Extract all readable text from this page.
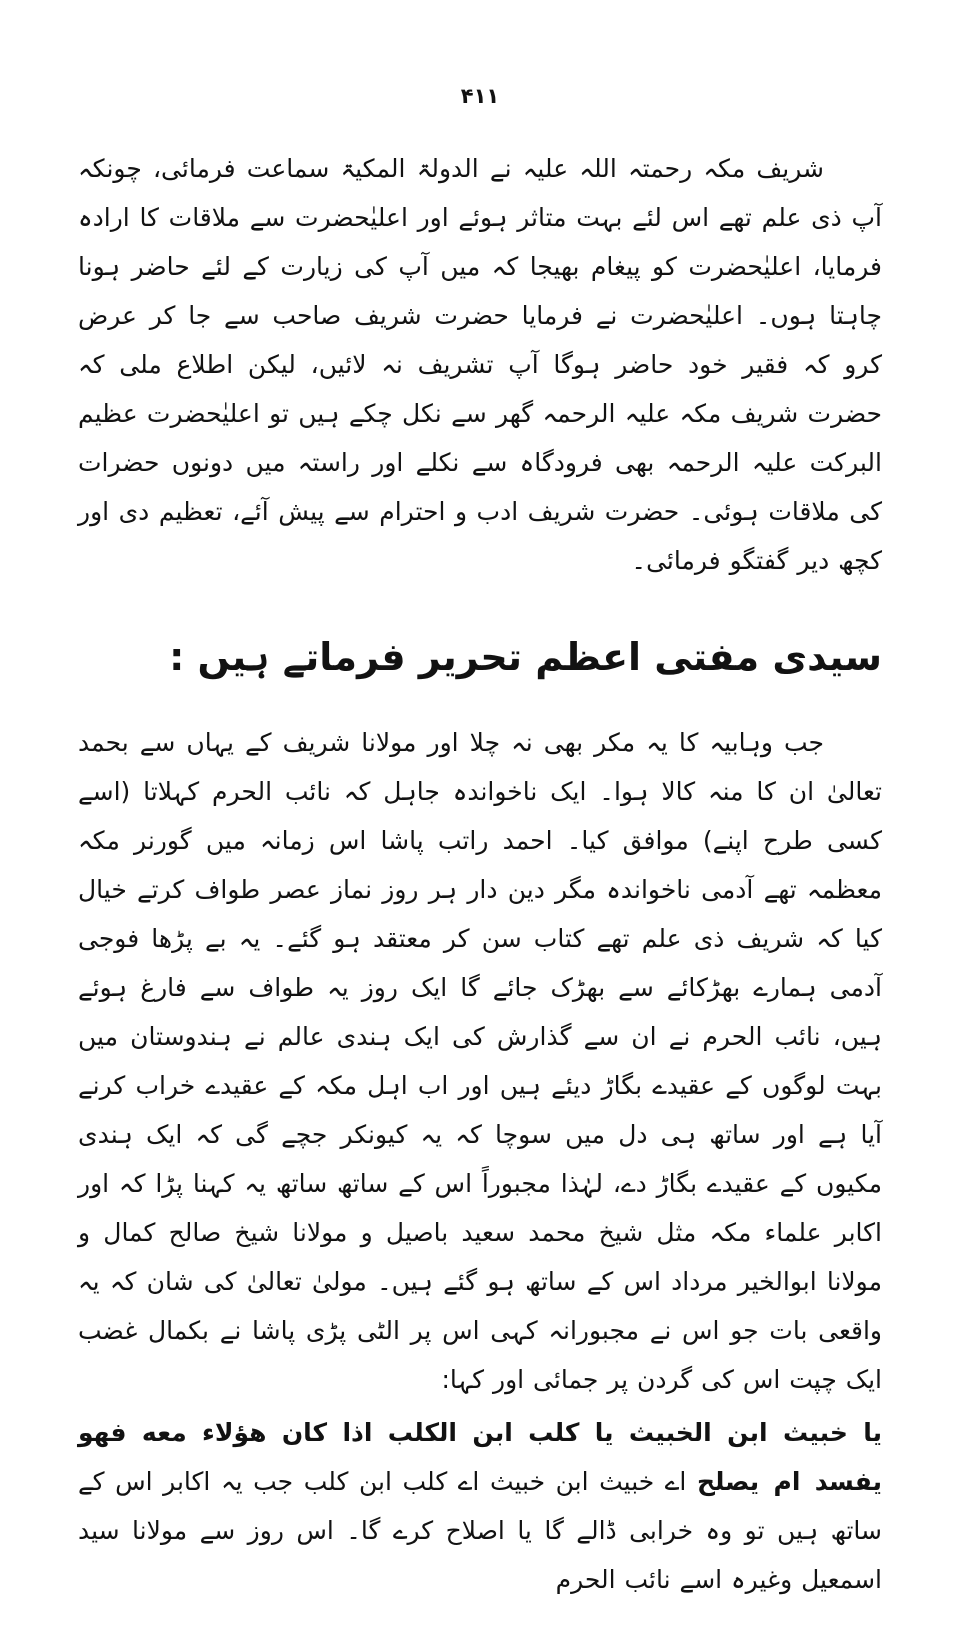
۴۱۱

شریف مکہ رحمتہ اللہ علیہ نے الدولۃ المکیۃ سماعت فرمائی، چونکہ آپ ذی علم تھے اس لئے بہت متاثر ہوئے اور اعلیٰحضرت سے ملاقات کا ارادہ فرمایا، اعلیٰحضرت کو پیغام بھیجا کہ میں آپ کی زیارت کے لئے حاضر ہونا چاہتا ہوں۔ اعلیٰحضرت نے فرمایا حضرت شریف صاحب سے جا کر عرض کرو کہ فقیر خود حاضر ہوگا آپ تشریف نہ لائیں، لیکن اطلاع ملی کہ حضرت شریف مکہ علیہ الرحمہ گھر سے نکل چکے ہیں تو اعلیٰحضرت عظیم البرکت علیہ الرحمہ بھی فرودگاہ سے نکلے اور راستہ میں دونوں حضرات کی ملاقات ہوئی۔ حضرت شریف ادب و احترام سے پیش آئے، تعظیم دی اور کچھ دیر گفتگو فرمائی۔

سیدی مفتی اعظم تحریر فرماتے ہیں :

جب وہابیہ کا یہ مکر بھی نہ چلا اور مولانا شریف کے یہاں سے بحمد تعالیٰ ان کا منہ کالا ہوا۔ ایک ناخواندہ جاہل کہ نائب الحرم کہلاتا (اسے کسی طرح اپنے) موافق کیا۔ احمد راتب پاشا اس زمانہ میں گورنر مکہ معظمہ تھے آدمی ناخواندہ مگر دین دار ہر روز نماز عصر طواف کرتے خیال کیا کہ شریف ذی علم تھے کتاب سن کر معتقد ہو گئے۔ یہ بے پڑھا فوجی آدمی ہمارے بھڑکائے سے بھڑک جائے گا ایک روز یہ طواف سے فارغ ہوئے ہیں، نائب الحرم نے ان سے گذارش کی ایک ہندی عالم نے ہندوستان میں بہت لوگوں کے عقیدے بگاڑ دیئے ہیں اور اب اہل مکہ کے عقیدے خراب کرنے آیا ہے اور ساتھ ہی دل میں سوچا کہ یہ کیونکر جچے گی کہ ایک ہندی مکیوں کے عقیدے بگاڑ دے، لہٰذا مجبوراً اس کے ساتھ ساتھ یہ کہنا پڑا کہ اور اکابر علماء مکہ مثل شیخ محمد سعید باصیل و مولانا شیخ صالح کمال و مولانا ابوالخیر مرداد اس کے ساتھ ہو گئے ہیں۔ مولیٰ تعالیٰ کی شان کہ یہ واقعی بات جو اس نے مجبورانہ کہی اس پر الٹی پڑی پاشا نے بکمال غضب ایک چپت اس کی گردن پر جمائی اور کہا:

یا خبیث ابن الخبیث یا کلب ابن الکلب اذا کان هؤلاء معه فهو یفسد ام یصلح اے خبیث ابن خبیث اے کلب ابن کلب جب یہ اکابر اس کے ساتھ ہیں تو وہ خرابی ڈالے گا یا اصلاح کرے گا۔ اس روز سے مولانا سید اسمعیل وغیرہ اسے نائب الحرم
